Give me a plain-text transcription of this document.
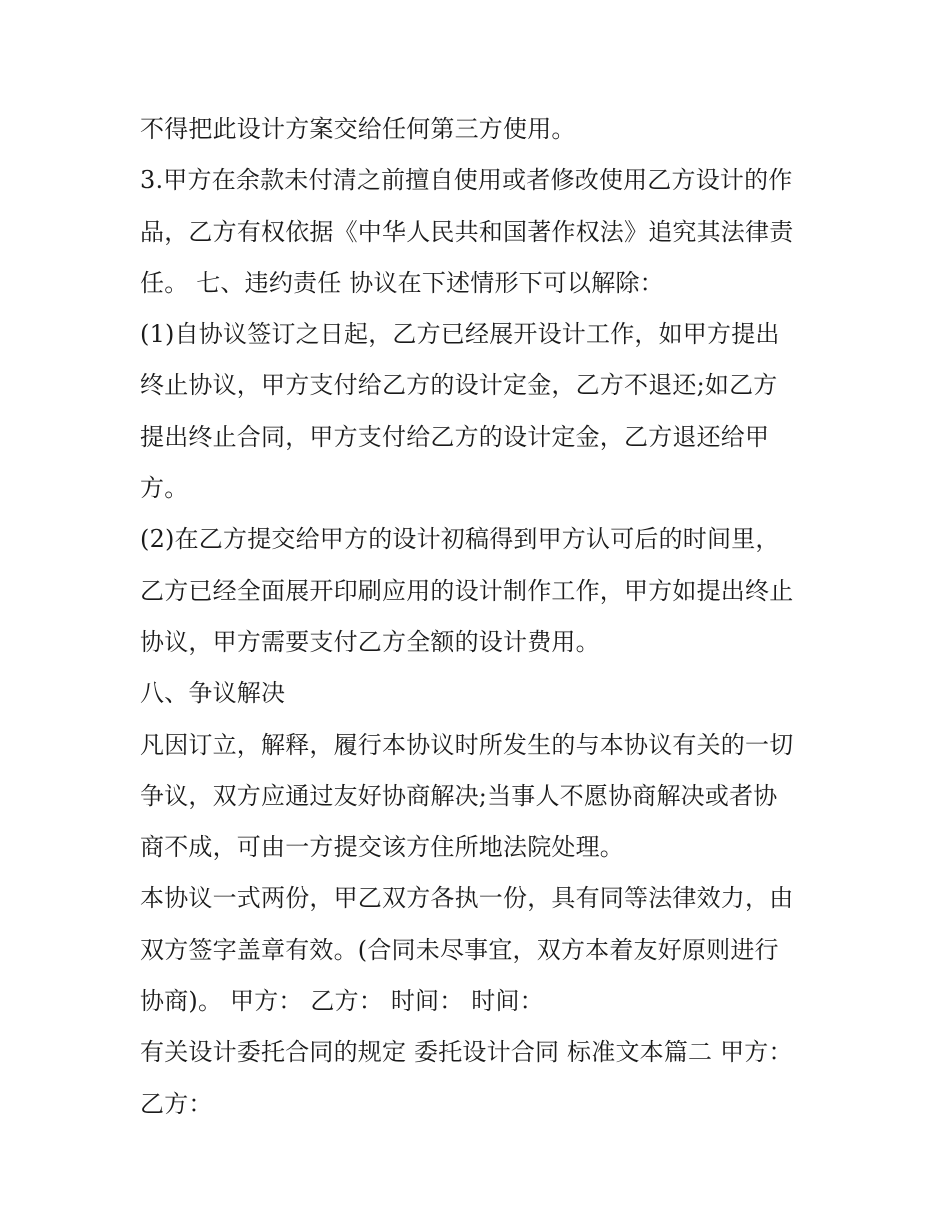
不得把此设计方案交给任何第三方使用。
3.甲方在余款未付清之前擅自使用或者修改使用乙方设计的作
品，乙方有权依据《中华人民共和国著作权法》追究其法律责
任。 七、违约责任 协议在下述情形下可以解除：
(1)自协议签订之日起，乙方已经展开设计工作，如甲方提出
终止协议，甲方支付给乙方的设计定金，乙方不退还;如乙方
提出终止合同，甲方支付给乙方的设计定金，乙方退还给甲
方。
(2)在乙方提交给甲方的设计初稿得到甲方认可后的时间里，
乙方已经全面展开印刷应用的设计制作工作，甲方如提出终止
协议，甲方需要支付乙方全额的设计费用。
八、争议解决
凡因订立，解释，履行本协议时所发生的与本协议有关的一切
争议，双方应通过友好协商解决;当事人不愿协商解决或者协
商不成，可由一方提交该方住所地法院处理。
本协议一式两份，甲乙双方各执一份，具有同等法律效力，由
双方签字盖章有效。(合同未尽事宜，双方本着友好原则进行
协商)。 甲方： 乙方： 时间： 时间：
有关设计委托合同的规定 委托设计合同 标准文本篇二 甲方：
乙方：
